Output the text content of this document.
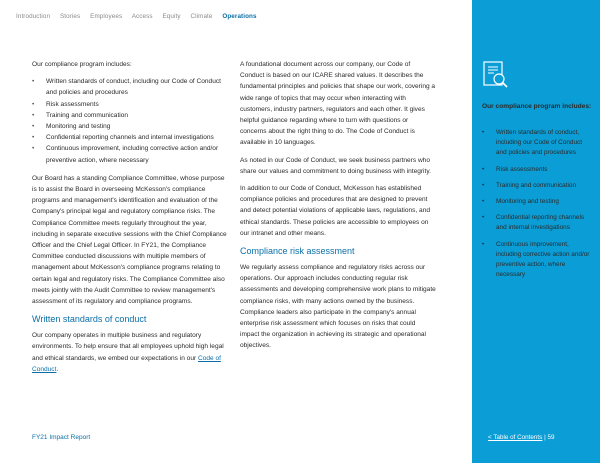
Introduction Stories Employees Access Equity Climate Operations

Our compliance program includes:

• Written standards of conduct, including our Code of Conduct and policies and procedures
• Risk assessments
• Training and communication
• Monitoring and testing
• Confidential reporting channels and internal investigations
• Continuous improvement, including corrective action and/or preventive action, where necessary

Our Board has a standing Compliance Committee, whose purpose is to assist the Board in overseeing McKesson's compliance programs and management's identification and evaluation of the Company's principal legal and regulatory compliance risks. The Compliance Committee meets regularly throughout the year, including in separate executive sessions with the Chief Compliance Officer and the Chief Legal Officer. In FY21, the Compliance Committee conducted discussions with multiple members of management about McKesson's compliance programs relating to certain legal and regulatory risks. The Compliance Committee also meets jointly with the Audit Committee to review management's assessment of its regulatory and compliance programs.

Written standards of conduct

Our company operates in multiple business and regulatory environments. To help ensure that all employees uphold high legal and ethical standards, we embed our expectations in our Code of Conduct.

A foundational document across our company, our Code of Conduct is based on our ICARE shared values. It describes the fundamental principles and policies that shape our work, covering a wide range of topics that may occur when interacting with customers, industry partners, regulators and each other. It gives helpful guidance regarding where to turn with questions or concerns about the right thing to do. The Code of Conduct is available in 10 languages.

As noted in our Code of Conduct, we seek business partners who share our values and commitment to doing business with integrity.

In addition to our Code of Conduct, McKesson has established compliance policies and procedures that are designed to prevent and detect potential violations of applicable laws, regulations, and ethical standards. These policies are accessible to employees on our intranet and other means.

Compliance risk assessment

We regularly assess compliance and regulatory risks across our operations. Our approach includes conducting regular risk assessments and developing comprehensive work plans to mitigate compliance risks, with many actions owned by the business. Compliance leaders also participate in the company's annual enterprise risk assessment which focuses on risks that could impact the organization in achieving its strategic and operational objectives.

FY21 Impact Report
Our compliance program includes:
• Written standards of conduct, including our Code of Conduct and policies and procedures
• Risk assessments
• Training and communication
• Monitoring and testing
• Confidential reporting channels and internal investigations
• Continuous improvement, including corrective action and/or preventive action, where necessary
< Table of Contents | 59
